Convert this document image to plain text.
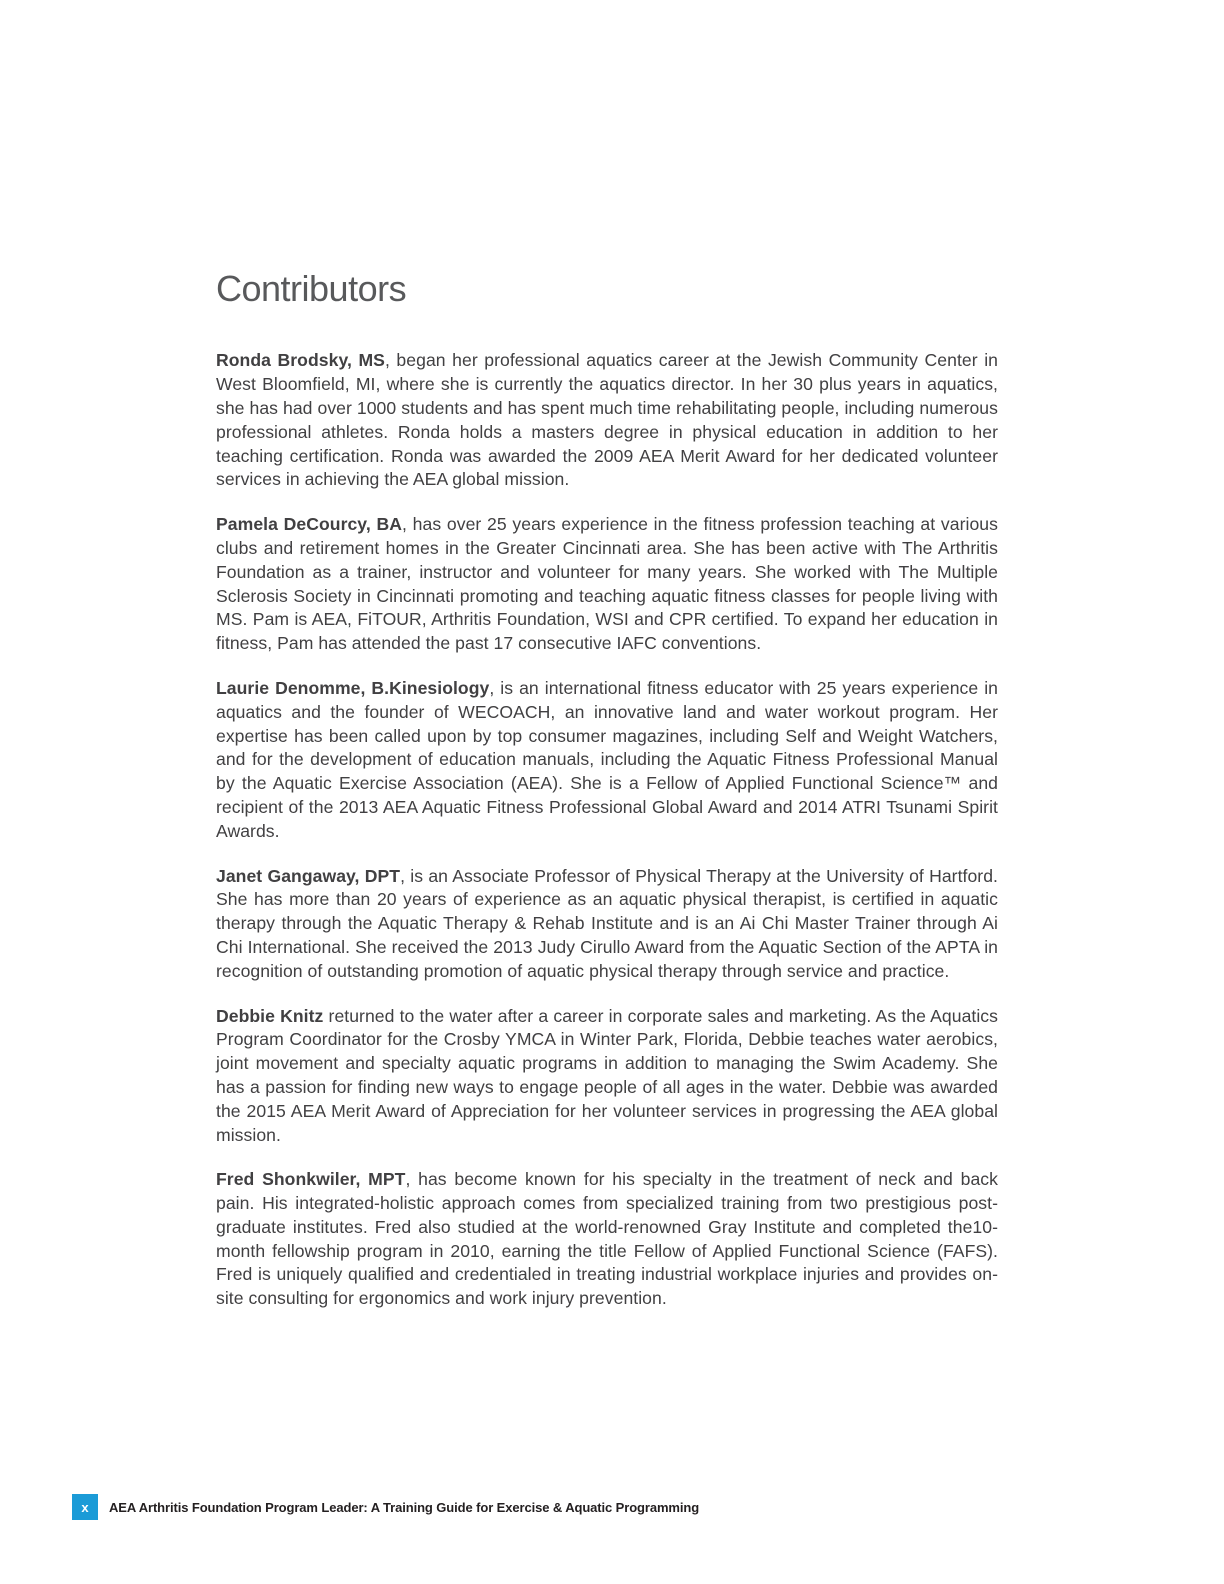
Contributors

Ronda Brodsky, MS, began her professional aquatics career at the Jewish Community Center in West Bloomfield, MI, where she is currently the aquatics director. In her 30 plus years in aquatics, she has had over 1000 students and has spent much time rehabilitating people, including numerous professional athletes. Ronda holds a masters degree in physical education in addition to her teaching certification. Ronda was awarded the 2009 AEA Merit Award for her dedicated volunteer services in achieving the AEA global mission.

Pamela DeCourcy, BA, has over 25 years experience in the fitness profession teaching at various clubs and retirement homes in the Greater Cincinnati area. She has been active with The Arthritis Foundation as a trainer, instructor and volunteer for many years. She worked with The Multiple Sclerosis Society in Cincinnati promoting and teaching aquatic fitness classes for people living with MS. Pam is AEA, FiTOUR, Arthritis Foundation, WSI and CPR certified. To expand her education in fitness, Pam has attended the past 17 consecutive IAFC conventions.

Laurie Denomme, B.Kinesiology, is an international fitness educator with 25 years experience in aquatics and the founder of WECOACH, an innovative land and water workout program. Her expertise has been called upon by top consumer magazines, including Self and Weight Watchers, and for the development of education manuals, including the Aquatic Fitness Professional Manual by the Aquatic Exercise Association (AEA). She is a Fellow of Applied Functional Science™ and recipient of the 2013 AEA Aquatic Fitness Professional Global Award and 2014 ATRI Tsunami Spirit Awards.

Janet Gangaway, DPT, is an Associate Professor of Physical Therapy at the University of Hartford. She has more than 20 years of experience as an aquatic physical therapist, is certified in aquatic therapy through the Aquatic Therapy & Rehab Institute and is an Ai Chi Master Trainer through Ai Chi International. She received the 2013 Judy Cirullo Award from the Aquatic Section of the APTA in recognition of outstanding promotion of aquatic physical therapy through service and practice.

Debbie Knitz returned to the water after a career in corporate sales and marketing. As the Aquatics Program Coordinator for the Crosby YMCA in Winter Park, Florida, Debbie teaches water aerobics, joint movement and specialty aquatic programs in addition to managing the Swim Academy. She has a passion for finding new ways to engage people of all ages in the water. Debbie was awarded the 2015 AEA Merit Award of Appreciation for her volunteer services in progressing the AEA global mission.

Fred Shonkwiler, MPT, has become known for his specialty in the treatment of neck and back pain. His integrated-holistic approach comes from specialized training from two prestigious post-graduate institutes. Fred also studied at the world-renowned Gray Institute and completed the10-month fellowship program in 2010, earning the title Fellow of Applied Functional Science (FAFS). Fred is uniquely qualified and credentialed in treating industrial workplace injuries and provides on-site consulting for ergonomics and work injury prevention.

x	AEA Arthritis Foundation Program Leader: A Training Guide for Exercise & Aquatic Programming
